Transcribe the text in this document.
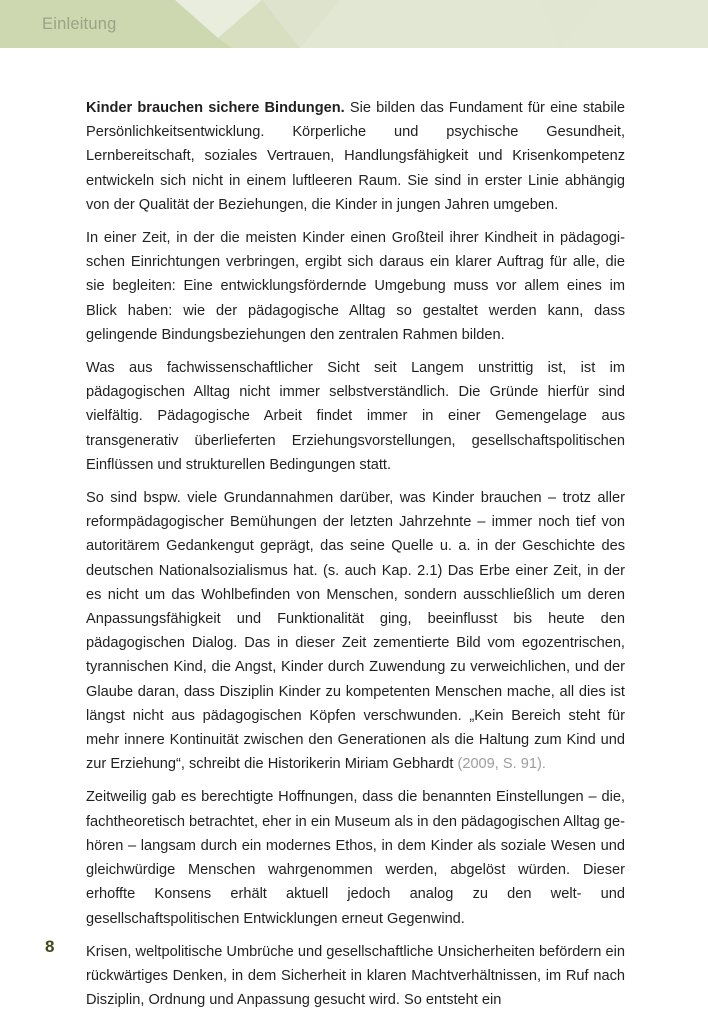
Einleitung

Kinder brauchen sichere Bindungen. Sie bilden das Fundament für eine stabile Persönlichkeitsentwicklung. Körperliche und psychische Gesundheit, Lernbereitschaft, soziales Vertrauen, Handlungsfähigkeit und Krisenkompetenz entwickeln sich nicht in einem luftleeren Raum. Sie sind in erster Linie abhängig von der Qualität der Beziehungen, die Kinder in jungen Jahren umgeben.

In einer Zeit, in der die meisten Kinder einen Großteil ihrer Kindheit in pädagogischen Einrichtungen verbringen, ergibt sich daraus ein klarer Auftrag für alle, die sie begleiten: Eine entwicklungsfördernde Umgebung muss vor allem eines im Blick haben: wie der pädagogische Alltag so gestaltet werden kann, dass gelingende Bindungsbeziehungen den zentralen Rahmen bilden.

Was aus fachwissenschaftlicher Sicht seit Langem unstrittig ist, ist im pädagogischen Alltag nicht immer selbstverständlich. Die Gründe hierfür sind vielfältig. Pädagogische Arbeit findet immer in einer Gemengelage aus transgenerativ überlieferten Erziehungsvorstellungen, gesellschaftspolitischen Einflüssen und strukturellen Bedingungen statt.

So sind bspw. viele Grundannahmen darüber, was Kinder brauchen – trotz aller reformpädagogischer Bemühungen der letzten Jahrzehnte – immer noch tief von autoritärem Gedankengut geprägt, das seine Quelle u. a. in der Geschichte des deutschen Nationalsozialismus hat. (s. auch Kap. 2.1) Das Erbe einer Zeit, in der es nicht um das Wohlbefinden von Menschen, sondern ausschließlich um deren Anpassungsfähigkeit und Funktionalität ging, beeinflusst bis heute den pädagogischen Dialog. Das in dieser Zeit zementierte Bild vom egozentrischen, tyrannischen Kind, die Angst, Kinder durch Zuwendung zu verweichlichen, und der Glaube daran, dass Disziplin Kinder zu kompetenten Menschen mache, all dies ist längst nicht aus pädagogischen Köpfen verschwunden. „Kein Bereich steht für mehr innere Kontinuität zwischen den Generationen als die Haltung zum Kind und zur Erziehung“, schreibt die Historikerin Miriam Gebhardt (2009, S. 91).

Zeitweilig gab es berechtigte Hoffnungen, dass die benannten Einstellungen – die, fachtheoretisch betrachtet, eher in ein Museum als in den pädagogischen Alltag gehören – langsam durch ein modernes Ethos, in dem Kinder als soziale Wesen und gleichwürdige Menschen wahrgenommen werden, abgelöst würden. Dieser erhoffte Konsens erhält aktuell jedoch analog zu den welt- und gesellschaftspolitischen Entwicklungen erneut Gegenwind.

Krisen, weltpolitische Umbrüche und gesellschaftliche Unsicherheiten befördern ein rückwärtiges Denken, in dem Sicherheit in klaren Machtverhältnissen, im Ruf nach Disziplin, Ordnung und Anpassung gesucht wird. So entsteht ein

8
